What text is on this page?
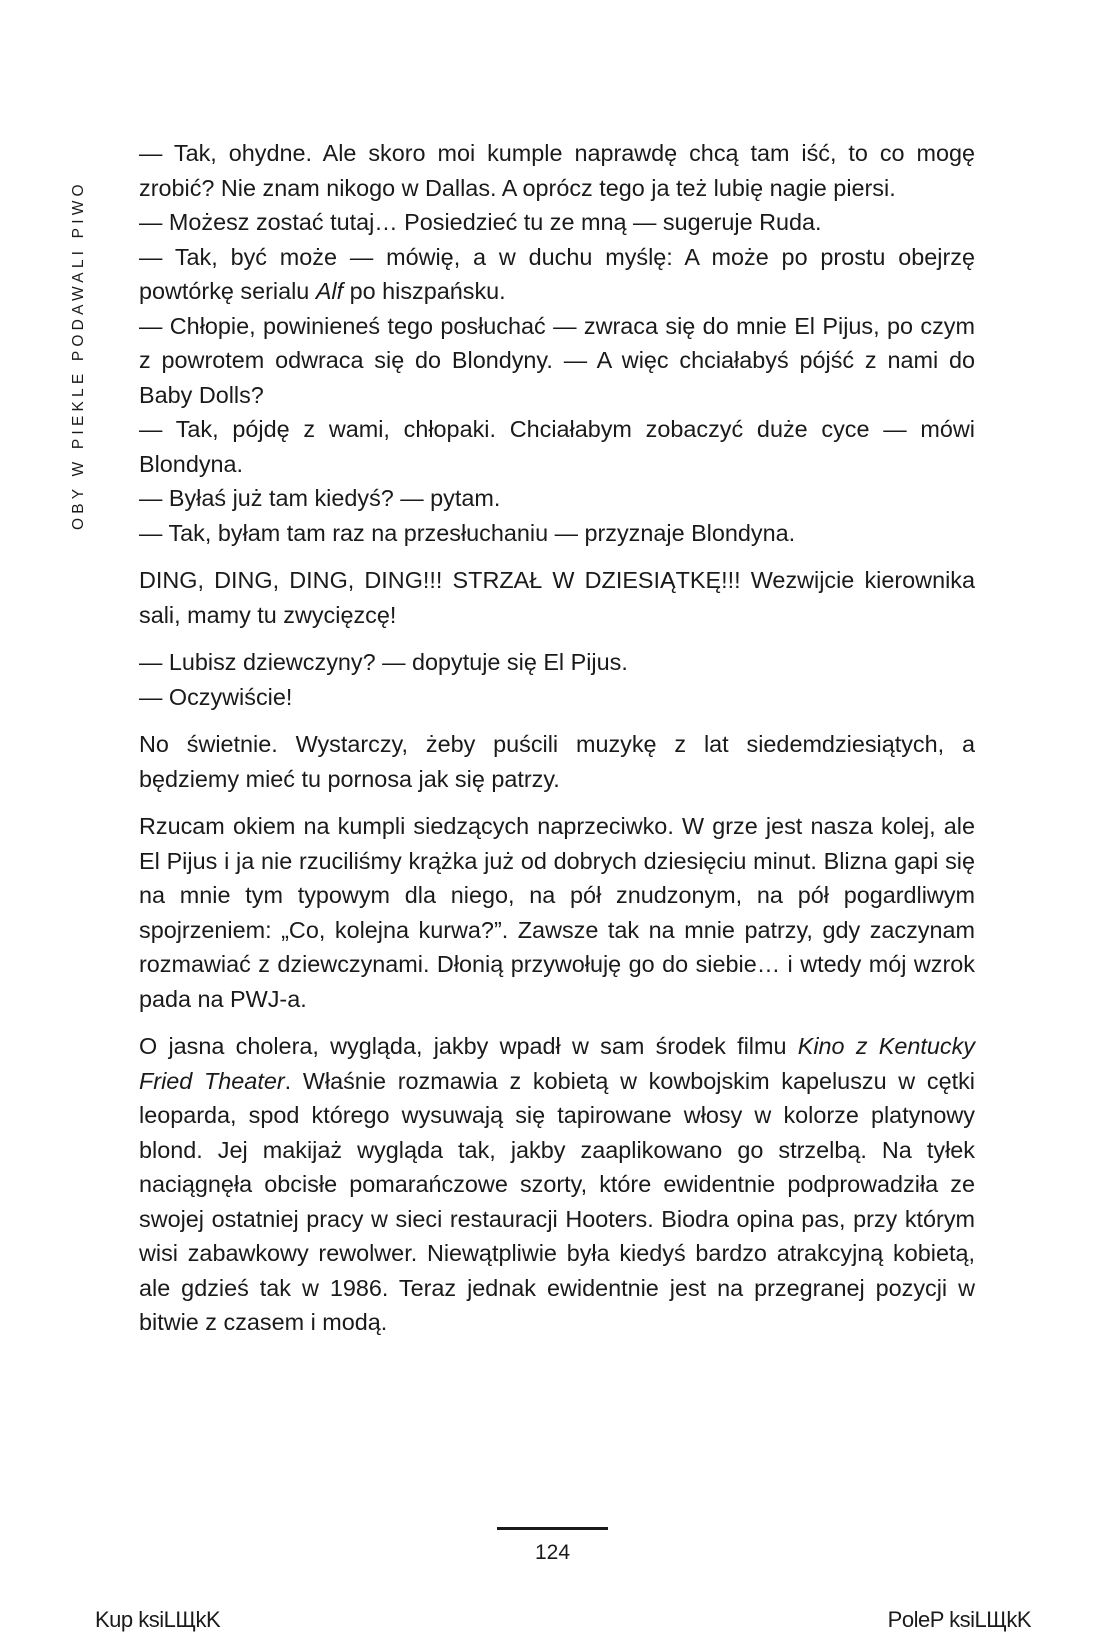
OBY W PIEKLE PODAWALI PIWO

— Tak, ohydne. Ale skoro moi kumple naprawdę chcą tam iść, to co mogę zrobić? Nie znam nikogo w Dallas. A oprócz tego ja też lubię nagie piersi.

— Możesz zostać tutaj… Posiedzieć tu ze mną — sugeruje Ruda.

— Tak, być może — mówię, a w duchu myślę: A może po prostu obejrzę powtórkę serialu Alf po hiszpańsku.

— Chłopie, powinieneś tego posłuchać — zwraca się do mnie El Pijus, po czym z powrotem odwraca się do Blondyny. — A więc chciałabyś pójść z nami do Baby Dolls?

— Tak, pójdę z wami, chłopaki. Chciałabym zobaczyć duże cyce — mówi Blondyna.

— Byłaś już tam kiedyś? — pytam.

— Tak, byłam tam raz na przesłuchaniu — przyznaje Blondyna.

DING, DING, DING, DING!!! STRZAŁ W DZIESIĄTKĘ!!! Wezwijcie kierownika sali, mamy tu zwycięzcę!

— Lubisz dziewczyny? — dopytuje się El Pijus.

— Oczywiście!

No świetnie. Wystarczy, żeby puścili muzykę z lat siedemdziesiątych, a będziemy mieć tu pornosa jak się patrzy.

Rzucam okiem na kumpli siedzących naprzeciwko. W grze jest nasza kolej, ale El Pijus i ja nie rzuciliśmy krążka już od dobrych dziesięciu minut. Blizna gapi się na mnie tym typowym dla niego, na pół znudzonym, na pół pogardliwym spojrzeniem: „Co, kolejna kurwa?”. Zawsze tak na mnie patrzy, gdy zaczynam rozmawiać z dziewczynami. Dłonią przywołuję go do siebie… i wtedy mój wzrok pada na PWJ-a.

O jasna cholera, wygląda, jakby wpadł w sam środek filmu Kino z Kentucky Fried Theater. Właśnie rozmawia z kobietą w kowbojskim kapeluszu w cętki leoparda, spod którego wysuwają się tapirowane włosy w kolorze platynowy blond. Jej makijaż wygląda tak, jakby zaaplikowano go strzelbą. Na tyłek naciągnęła obcisłe pomarańczowe szorty, które ewidentnie podprowadziła ze swojej ostatniej pracy w sieci restauracji Hooters. Biodra opina pas, przy którym wisi zabawkowy rewolwer. Niewątpliwie była kiedyś bardzo atrakcyjną kobietą, ale gdzieś tak w 1986. Teraz jednak ewidentnie jest na przegranej pozycji w bitwie z czasem i modą.

124
Kup ksiLЩkK	PoleP ksiLЩkK
